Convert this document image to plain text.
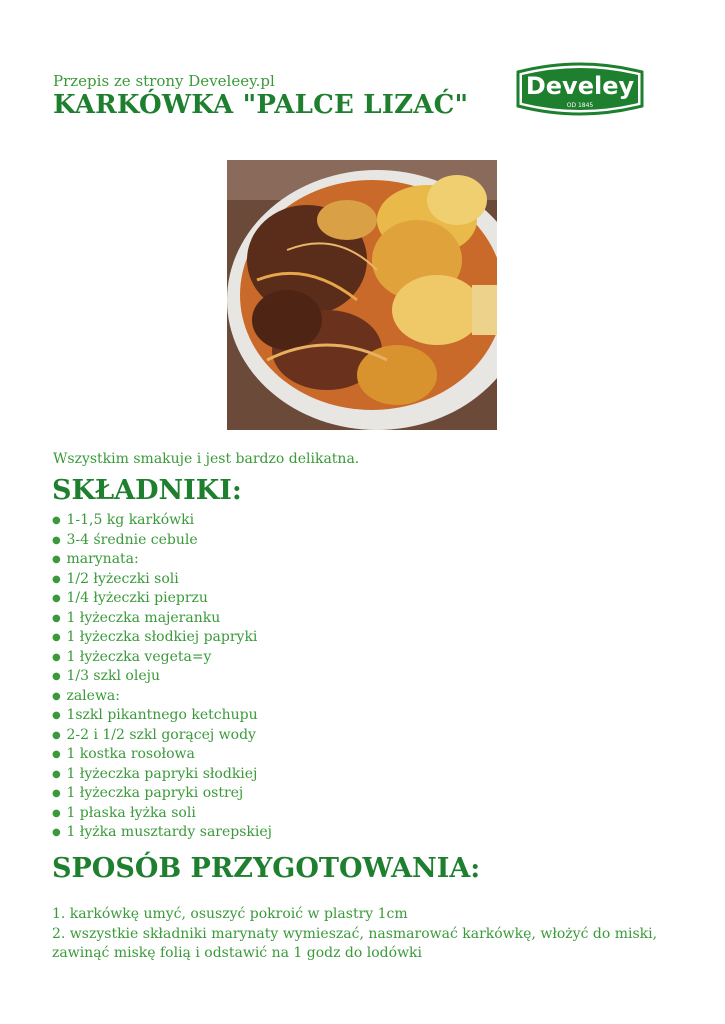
Przepis ze strony Develeey.pl
KARKÓWKA "PALCE LIZAĆ"
Develey
OD 1845
Wszystkim smakuje i jest bardzo delikatna.
SKŁADNIKI:
● 1-1,5 kg karkówki
● 3-4 średnie cebule
● marynata:
● 1/2 łyżeczki soli
● 1/4 łyżeczki pieprzu
● 1 łyżeczka majeranku
● 1 łyżeczka słodkiej papryki
● 1 łyżeczka vegeta=y
● 1/3 szkl oleju
● zalewa:
● 1szkl pikantnego ketchupu
● 2-2 i 1/2 szkl gorącej wody
● 1 kostka rosołowa
● 1 łyżeczka papryki słodkiej
● 1 łyżeczka papryki ostrej
● 1 płaska łyżka soli
● 1 łyżka musztardy sarepskiej
SPOSÓB PRZYGOTOWANIA:

1. karkówkę umyć, osuszyć pokroić w plastry 1cm

2. wszystkie składniki marynaty wymieszać, nasmarować karkówkę, włożyć do miski, zawinąć miskę folią i odstawić na 1 godz do lodówki
